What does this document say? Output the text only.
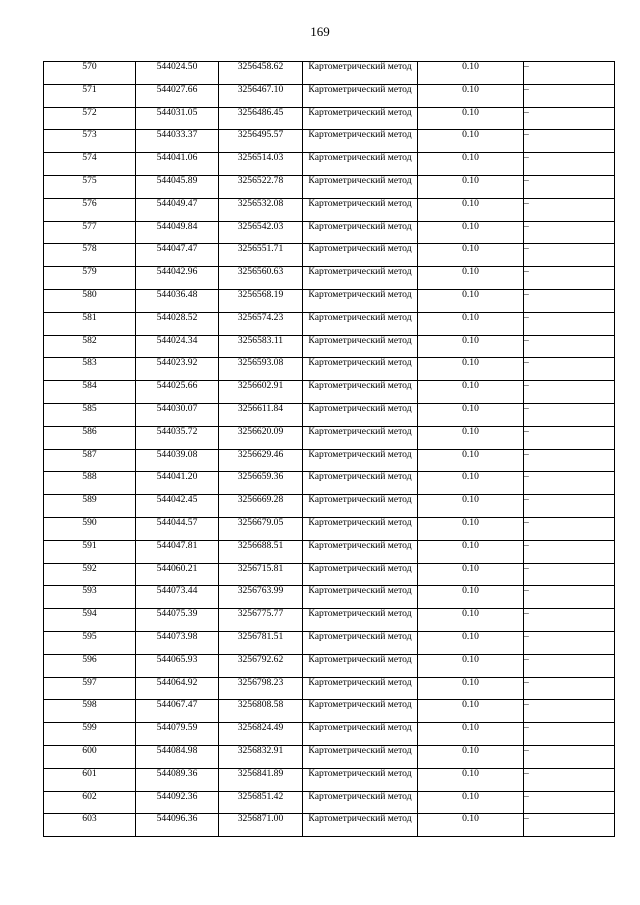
169
570	544024.50	3256458.62	Картометрический метод	0.10	–
571	544027.66	3256467.10	Картометрический метод	0.10	–
572	544031.05	3256486.45	Картометрический метод	0.10	–
573	544033.37	3256495.57	Картометрический метод	0.10	–
574	544041.06	3256514.03	Картометрический метод	0.10	–
575	544045.89	3256522.78	Картометрический метод	0.10	–
576	544049.47	3256532.08	Картометрический метод	0.10	–
577	544049.84	3256542.03	Картометрический метод	0.10	–
578	544047.47	3256551.71	Картометрический метод	0.10	–
579	544042.96	3256560.63	Картометрический метод	0.10	–
580	544036.48	3256568.19	Картометрический метод	0.10	–
581	544028.52	3256574.23	Картометрический метод	0.10	–
582	544024.34	3256583.11	Картометрический метод	0.10	–
583	544023.92	3256593.08	Картометрический метод	0.10	–
584	544025.66	3256602.91	Картометрический метод	0.10	–
585	544030.07	3256611.84	Картометрический метод	0.10	–
586	544035.72	3256620.09	Картометрический метод	0.10	–
587	544039.08	3256629.46	Картометрический метод	0.10	–
588	544041.20	3256659.36	Картометрический метод	0.10	–
589	544042.45	3256669.28	Картометрический метод	0.10	–
590	544044.57	3256679.05	Картометрический метод	0.10	–
591	544047.81	3256688.51	Картометрический метод	0.10	–
592	544060.21	3256715.81	Картометрический метод	0.10	–
593	544073.44	3256763.99	Картометрический метод	0.10	–
594	544075.39	3256775.77	Картометрический метод	0.10	–
595	544073.98	3256781.51	Картометрический метод	0.10	–
596	544065.93	3256792.62	Картометрический метод	0.10	–
597	544064.92	3256798.23	Картометрический метод	0.10	–
598	544067.47	3256808.58	Картометрический метод	0.10	–
599	544079.59	3256824.49	Картометрический метод	0.10	–
600	544084.98	3256832.91	Картометрический метод	0.10	–
601	544089.36	3256841.89	Картометрический метод	0.10	–
602	544092.36	3256851.42	Картометрический метод	0.10	–
603	544096.36	3256871.00	Картометрический метод	0.10	–
